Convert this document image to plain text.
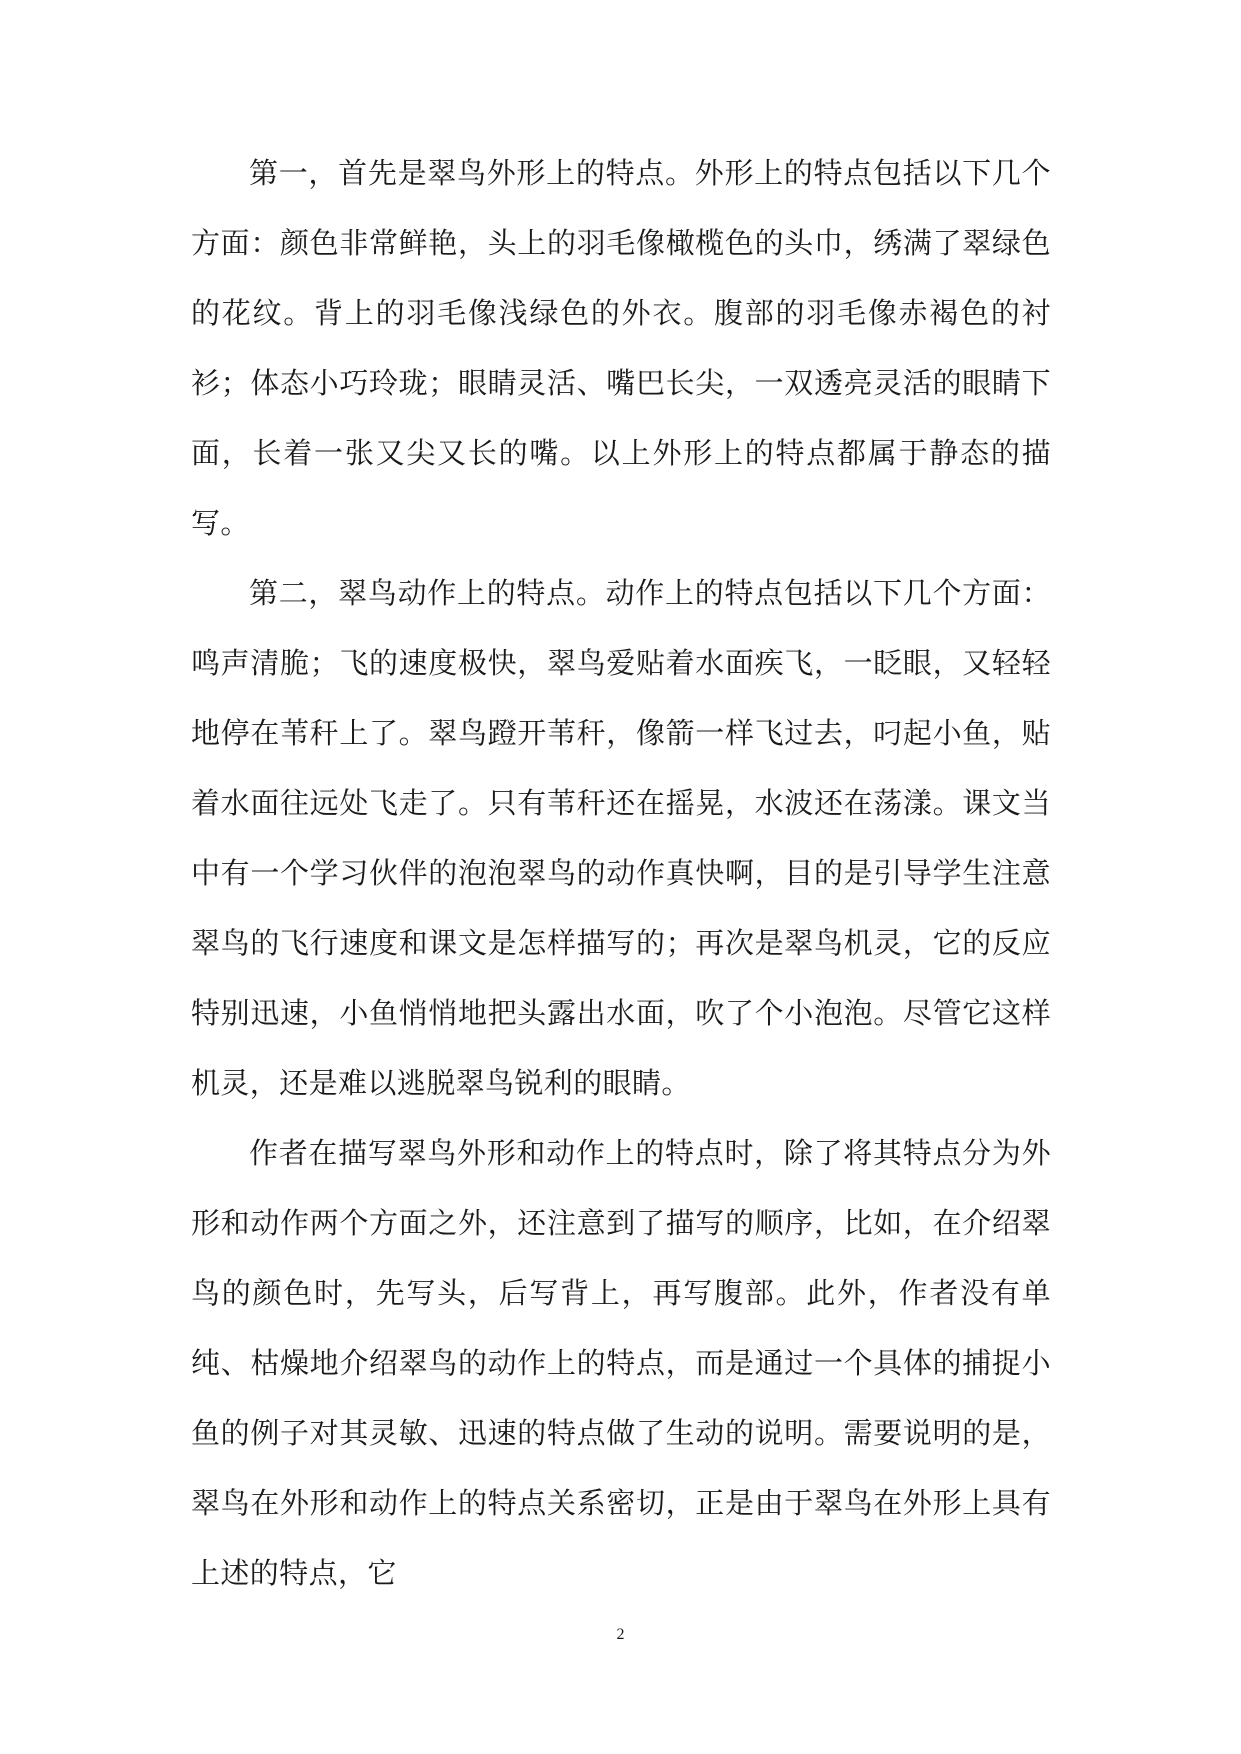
第一，首先是翠鸟外形上的特点。外形上的特点包括以下几个方面：颜色非常鲜艳，头上的羽毛像橄榄色的头巾，绣满了翠绿色的花纹。背上的羽毛像浅绿色的外衣。腹部的羽毛像赤褐色的衬衫；体态小巧玲珑；眼睛灵活、嘴巴长尖，一双透亮灵活的眼睛下面，长着一张又尖又长的嘴。以上外形上的特点都属于静态的描写。

第二，翠鸟动作上的特点。动作上的特点包括以下几个方面：鸣声清脆；飞的速度极快，翠鸟爱贴着水面疾飞，一眨眼，又轻轻地停在苇秆上了。翠鸟蹬开苇秆，像箭一样飞过去，叼起小鱼，贴着水面往远处飞走了。只有苇秆还在摇晃，水波还在荡漾。课文当中有一个学习伙伴的泡泡翠鸟的动作真快啊，目的是引导学生注意翠鸟的飞行速度和课文是怎样描写的；再次是翠鸟机灵，它的反应特别迅速，小鱼悄悄地把头露出水面，吹了个小泡泡。尽管它这样机灵，还是难以逃脱翠鸟锐利的眼睛。

作者在描写翠鸟外形和动作上的特点时，除了将其特点分为外形和动作两个方面之外，还注意到了描写的顺序，比如，在介绍翠鸟的颜色时，先写头，后写背上，再写腹部。此外，作者没有单纯、枯燥地介绍翠鸟的动作上的特点，而是通过一个具体的捕捉小鱼的例子对其灵敏、迅速的特点做了生动的说明。需要说明的是，翠鸟在外形和动作上的特点关系密切，正是由于翠鸟在外形上具有上述的特点，它

2
